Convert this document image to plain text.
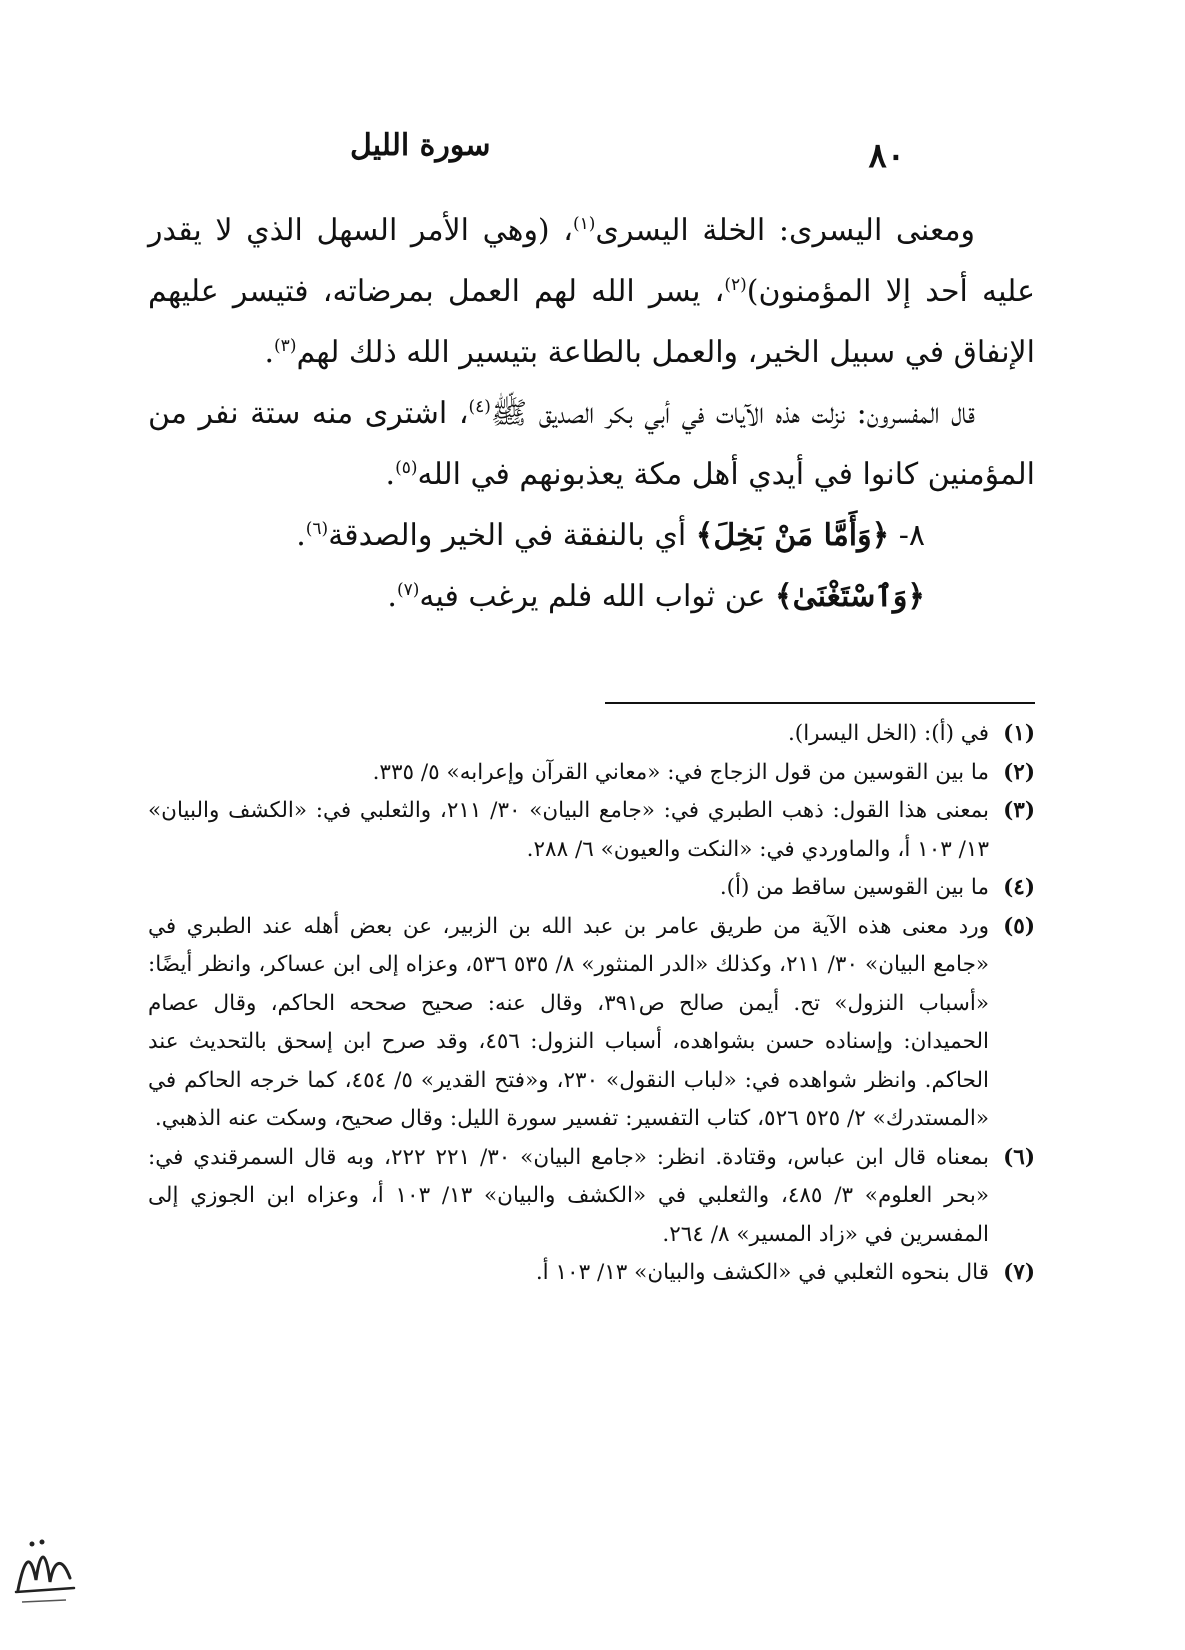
سورة الليل	٨٠

ومعنى اليسرى: الخلة اليسرى$^{(١)}$، (وهي الأمر السهل الذي لا يقدر عليه أحد إلا المؤمنون)$^{(٢)}$، يسر الله لهم العمل بمرضاته، فتيسر عليهم الإنفاق في سبيل الخير، والعمل بالطاعة بتيسير الله ذلك لهم$^{(٣)}$.

قال المفسرون: نزلت هذه الآيات في أبي بكر الصديق ﷺ$^{(٤)}$، اشترى منه ستة نفر من المؤمنين كانوا في أيدي أهل مكة يعذبونهم في الله$^{(٥)}$.

٨- ﴿وَأَمَّا مَنْ بَخِلَ﴾ أي بالنفقة في الخير والصدقة$^{(٦)}$.

﴿وَٱسْتَغْنَىٰ﴾ عن ثواب الله فلم يرغب فيه$^{(٧)}$.

(١)
في (أ): (الخل اليسرا).
(٢)
ما بين القوسين من قول الزجاج في: «معاني القرآن وإعرابه» ٥/ ٣٣٥.
(٣)
بمعنى هذا القول: ذهب الطبري في: «جامع البيان» ٣٠/ ٢١١، والثعلبي في: «الكشف والبيان» ١٣/ ١٠٣ أ، والماوردي في: «النكت والعيون» ٦/ ٢٨٨.
(٤)
ما بين القوسين ساقط من (أ).
(٥)
ورد معنى هذه الآية من طريق عامر بن عبد الله بن الزبير، عن بعض أهله عند الطبري في «جامع البيان» ٣٠/ ٢١١، وكذلك «الدر المنثور» ٨/ ٥٣٥ ٥٣٦، وعزاه إلى ابن عساكر، وانظر أيضًا: «أسباب النزول» تح. أيمن صالح ص٣٩١، وقال عنه: صحيح صححه الحاكم، وقال عصام الحميدان: وإسناده حسن بشواهده، أسباب النزول: ٤٥٦، وقد صرح ابن إسحق بالتحديث عند الحاكم. وانظر شواهده في: «لباب النقول» ٢٣٠، و«فتح القدير» ٥/ ٤٥٤، كما خرجه الحاكم في «المستدرك» ٢/ ٥٢٥ ٥٢٦، كتاب التفسير: تفسير سورة الليل: وقال صحيح، وسكت عنه الذهبي.
(٦)
بمعناه قال ابن عباس، وقتادة. انظر: «جامع البيان» ٣٠/ ٢٢١ ٢٢٢، وبه قال السمرقندي في: «بحر العلوم» ٣/ ٤٨٥، والثعلبي في «الكشف والبيان» ١٣/ ١٠٣ أ، وعزاه ابن الجوزي إلى المفسرين في «زاد المسير» ٨/ ٢٦٤.
(٧)
قال بنحوه الثعلبي في «الكشف والبيان» ١٣/ ١٠٣ أ.
